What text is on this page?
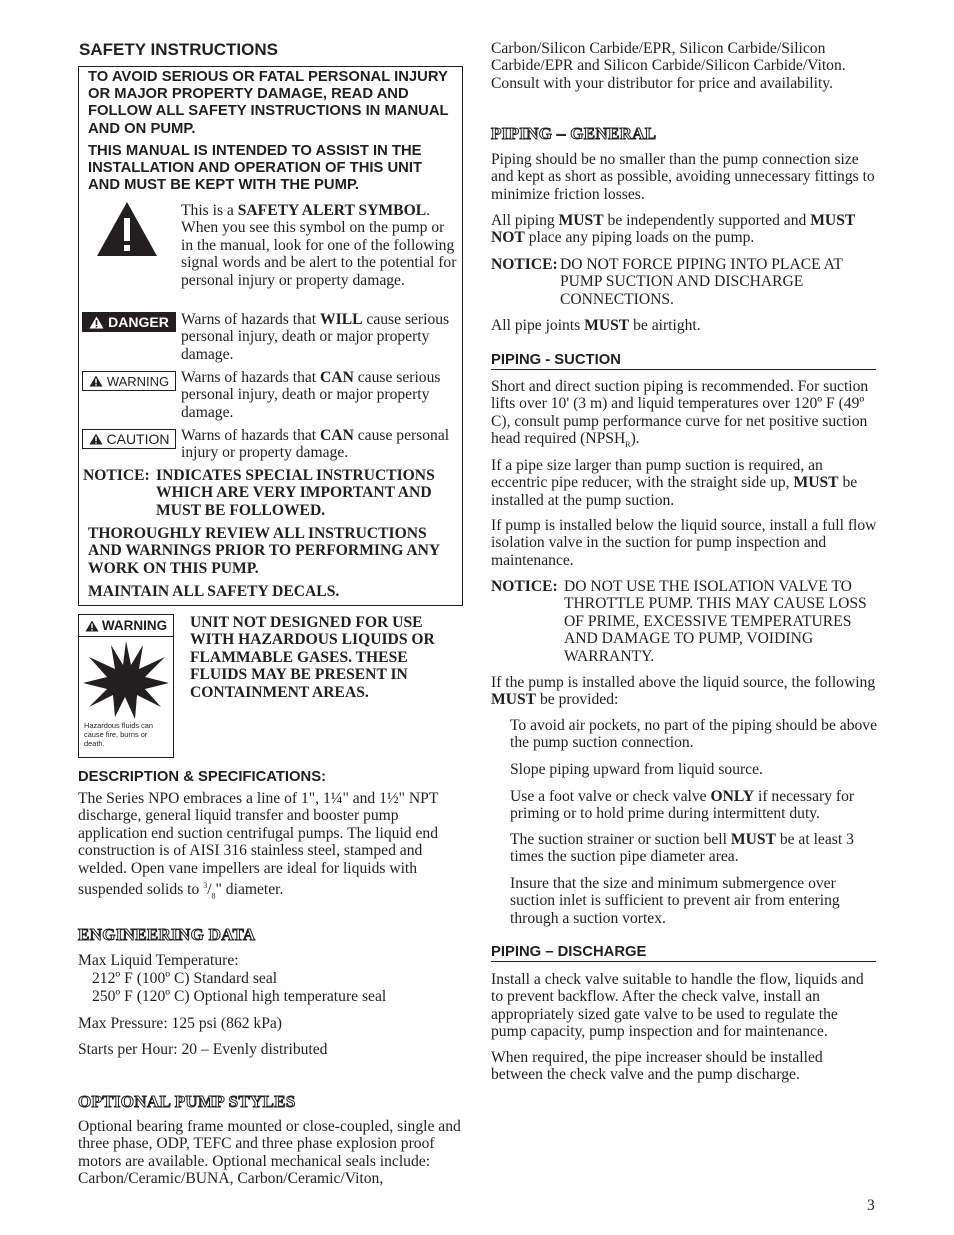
SAFETY INSTRUCTIONS
TO AVOID SERIOUS OR FATAL PERSONAL INJURY OR MAJOR PROPERTY DAMAGE, READ AND FOLLOW ALL SAFETY INSTRUCTIONS IN MANUAL AND ON PUMP.
THIS MANUAL IS INTENDED TO ASSIST IN THE INSTALLATION AND OPERATION OF THIS UNIT AND MUST BE KEPT WITH THE PUMP.
This is a SAFETY ALERT SYMBOL. When you see this symbol on the pump or in the manual, look for one of the following signal words and be alert to the potential for personal injury or property damage.
DANGER Warns of hazards that WILL cause serious personal injury, death or major property damage.
WARNING Warns of hazards that CAN cause serious personal injury, death or major property damage.
CAUTION Warns of hazards that CAN cause personal injury or property damage.
NOTICE: INDICATES SPECIAL INSTRUCTIONS WHICH ARE VERY IMPORTANT AND MUST BE FOLLOWED.
THOROUGHLY REVIEW ALL INSTRUCTIONS AND WARNINGS PRIOR TO PERFORMING ANY WORK ON THIS PUMP.
MAINTAIN ALL SAFETY DECALS.
WARNING
Hazardous fluids can cause fire, burns or death.
UNIT NOT DESIGNED FOR USE WITH HAZARDOUS LIQUIDS OR FLAMMABLE GASES. THESE FLUIDS MAY BE PRESENT IN CONTAINMENT AREAS.
DESCRIPTION & SPECIFICATIONS:
The Series NPO embraces a line of 1", 1¼" and 1½" NPT discharge, general liquid transfer and booster pump application end suction centrifugal pumps. The liquid end construction is of AISI 316 stainless steel, stamped and welded. Open vane impellers are ideal for liquids with suspended solids to $^3/_8$" diameter.
ENGINEERING DATA
Max Liquid Temperature:
212º F (100º C) Standard seal
250º F (120º C) Optional high temperature seal
Max Pressure: 125 psi (862 kPa)
Starts per Hour: 20 – Evenly distributed
OPTIONAL PUMP STYLES
Optional bearing frame mounted or close-coupled, single and three phase, ODP, TEFC and three phase explosion proof motors are available. Optional mechanical seals include: Carbon/Ceramic/BUNA, Carbon/Ceramic/Viton,
Carbon/Silicon Carbide/EPR, Silicon Carbide/Silicon Carbide/EPR and Silicon Carbide/Silicon Carbide/Viton. Consult with your distributor for price and availability.
PIPING – GENERAL
Piping should be no smaller than the pump connection size and kept as short as possible, avoiding unnecessary fittings to minimize friction losses.
All piping MUST be independently supported and MUST NOT place any piping loads on the pump.
NOTICE: DO NOT FORCE PIPING INTO PLACE AT PUMP SUCTION AND DISCHARGE CONNECTIONS.
All pipe joints MUST be airtight.
PIPING - SUCTION
Short and direct suction piping is recommended. For suction lifts over 10' (3 m) and liquid temperatures over 120º F (49º C), consult pump performance curve for net positive suction head required $(NPSH_R)$.
If a pipe size larger than pump suction is required, an eccentric pipe reducer, with the straight side up, MUST be installed at the pump suction.
If pump is installed below the liquid source, install a full flow isolation valve in the suction for pump inspection and maintenance.
NOTICE: DO NOT USE THE ISOLATION VALVE TO THROTTLE PUMP. THIS MAY CAUSE LOSS OF PRIME, EXCESSIVE TEMPERATURES AND DAMAGE TO PUMP, VOIDING WARRANTY.
If the pump is installed above the liquid source, the following MUST be provided:
To avoid air pockets, no part of the piping should be above the pump suction connection.
Slope piping upward from liquid source.
Use a foot valve or check valve ONLY if necessary for priming or to hold prime during intermittent duty.
The suction strainer or suction bell MUST be at least 3 times the suction pipe diameter area.
Insure that the size and minimum submergence over suction inlet is sufficient to prevent air from entering through a suction vortex.
PIPING – DISCHARGE
Install a check valve suitable to handle the flow, liquids and to prevent backflow. After the check valve, install an appropriately sized gate valve to be used to regulate the pump capacity, pump inspection and for maintenance.
When required, the pipe increaser should be installed between the check valve and the pump discharge.
3
